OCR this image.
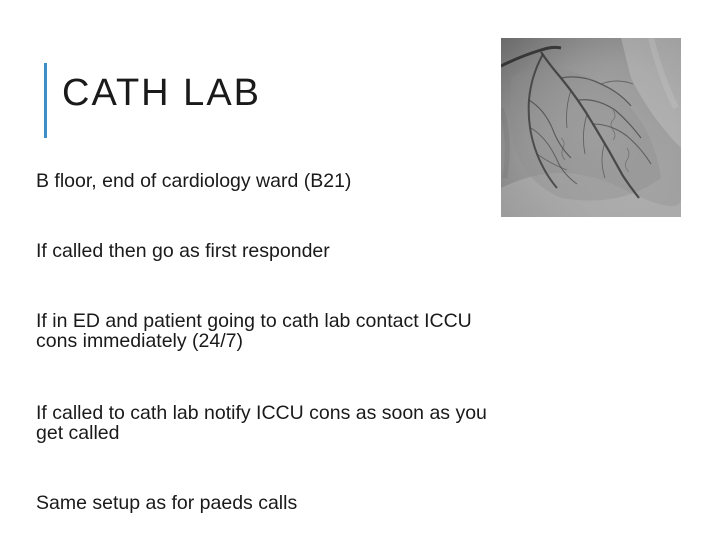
CATH LAB
B floor, end of cardiology ward (B21)
If called then go as first responder
If in ED and patient going to cath lab contact ICCU cons immediately (24/7)
If called to cath lab notify ICCU cons as soon as you get called
Same setup as for paeds calls
